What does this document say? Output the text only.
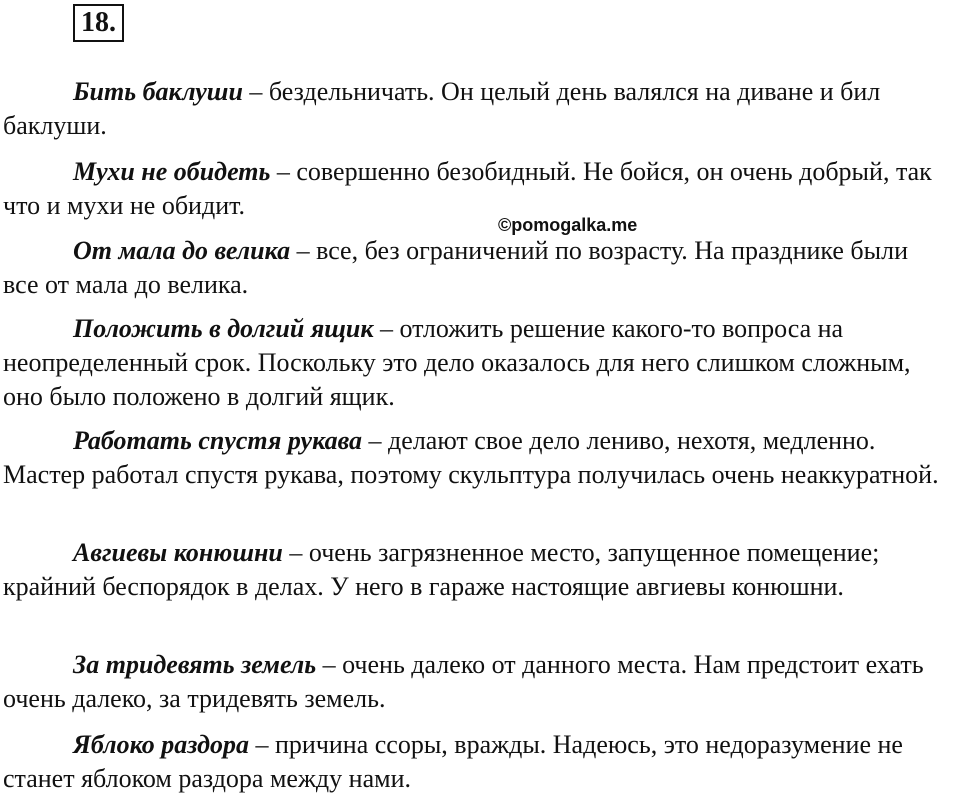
18.

Бить баклуши – бездельничать. Он целый день валялся на диване и бил баклуши.

Мухи не обидеть – совершенно безобидный. Не бойся, он очень добрый, так что и мухи не обидит.

От мала до велика – все, без ограничений по возрасту. На празднике были все от мала до велика.

Положить в долгий ящик – отложить решение какого-то вопроса на неопределенный срок. Поскольку это дело оказалось для него слишком сложным, оно было положено в долгий ящик.

Работать спустя рукава – делают свое дело лениво, нехотя, медленно. Мастер работал спустя рукава, поэтому скульптура получилась очень неаккуратной.

Авгиевы конюшни – очень загрязненное место, запущенное помещение; крайний беспорядок в делах. У него в гараже настоящие авгиевы конюшни.

За тридевять земель – очень далеко от данного места. Нам предстоит ехать очень далеко, за тридевять земель.

Яблоко раздора – причина ссоры, вражды. Надеюсь, это недоразумение не станет яблоком раздора между нами.

©pomogalka.me
